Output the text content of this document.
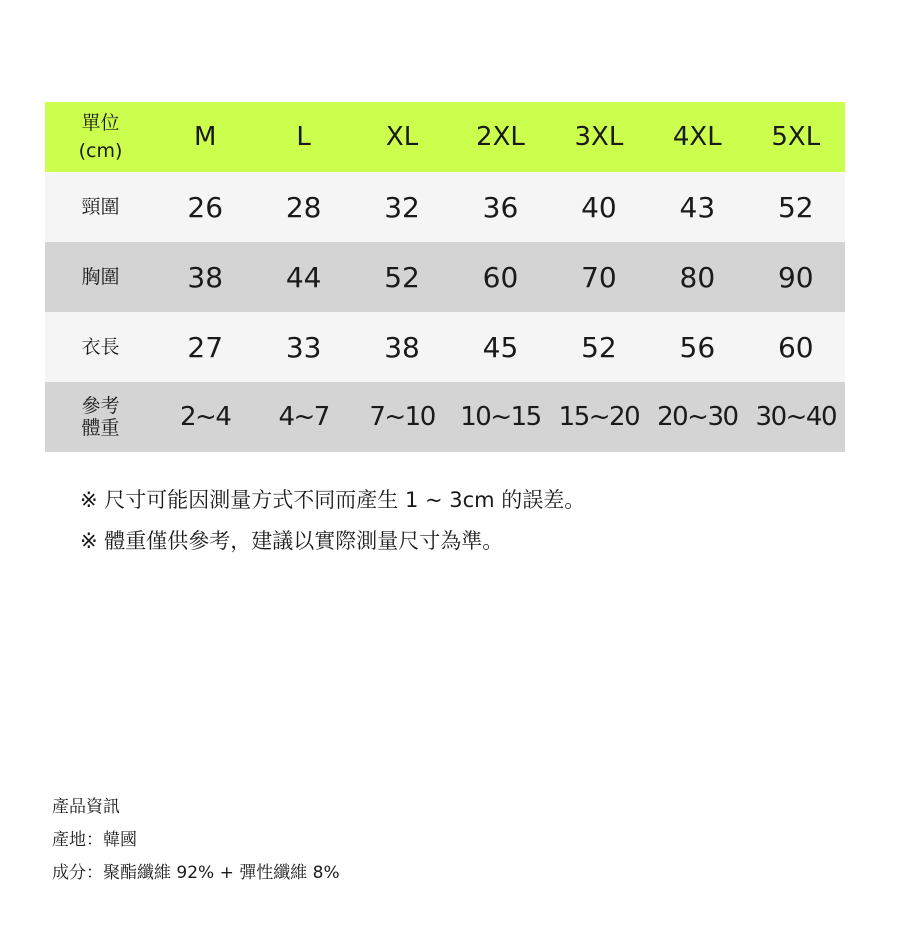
單位
(cm)	M	L	XL	2XL	3XL	4XL	5XL
頸圍	26	28	32	36	40	43	52
胸圍	38	44	52	60	70	80	90
衣長	27	33	38	45	52	56	60
參考
體重	2~4	4~7	7~10	10~15	15~20	20~30	30~40
※ 尺寸可能因測量方式不同而產生 1 ~ 3cm 的誤差。
※ 體重僅供參考，建議以實際測量尺寸為準。
產品資訊
產地：韓國
成分：聚酯纖維 92% + 彈性纖維 8%
